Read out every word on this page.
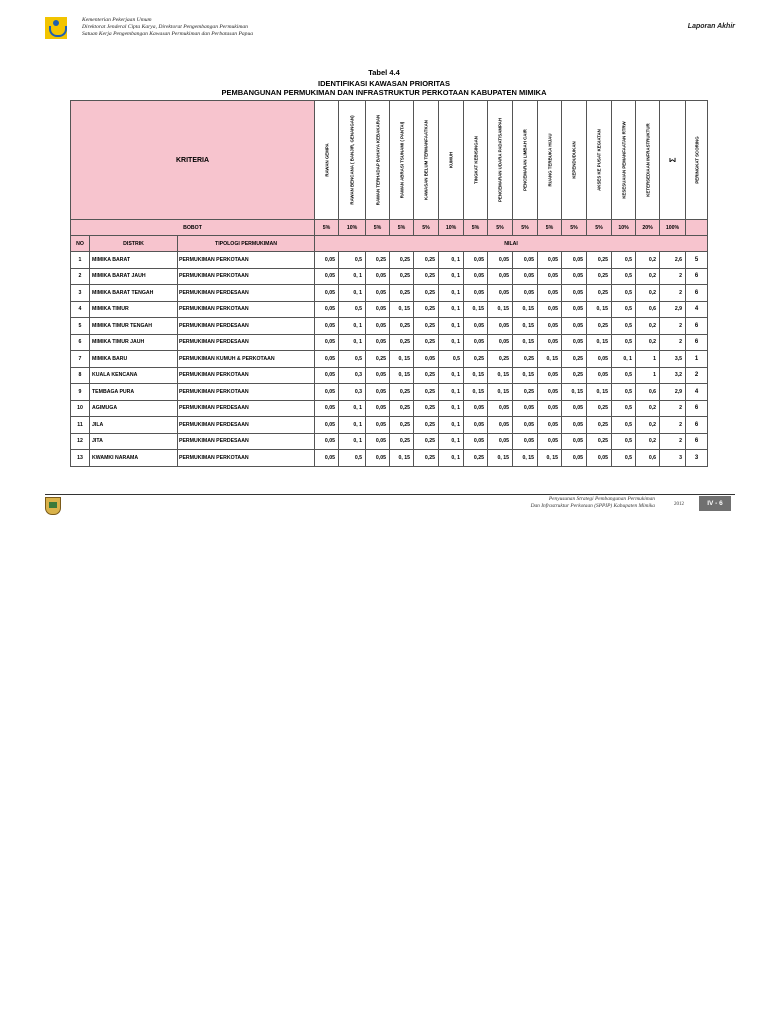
Kementerian Pekerjaan Umum
Direktorat Jenderal Cipta Karya, Direktorat Pengembangan Permukiman
Satuan Kerja Pengembangan Kawasan Permukiman dan Perbatasan Papua
Laporan Akhir
Tabel 4.4
IDENTIFIKASI KAWASAN PRIORITAS
PEMBANGUNAN PERMUKIMAN DAN INFRASTRUKTUR PERKOTAAN KABUPATEN MIMIKA
KRITERIA			RAWAN GEMPA	RAWAN BENCANA ( BANJIR, GENANGAN)	RAWAN TERHADAP BAHAYA KEBAKARAN	RAWAN ABRASI TSUNAMI ( PANTAI)	KAWASAN BELUM TERMANFAATKAN	KUMUH	TINGKAT KEBISINGAN	PENCEMARAN UDARA PADAT/SAMPAH	PENCEMARAN LIMBAH CAIR	RUANG TERBUKA HIJAU	KEPENDUDUKAN	AKSES KE PUSAT KEGIATAN	KESESUAIAN PEMANFAATAN RTRW	KETERSEDIAAN INFRASTRUKTUR	Σ	PERINGKAT SCORING

BOBOT			5%	10%	5%	5%	5%	10%	5%	5%	5%	5%	5%	5%	10%	20%	100%	
NO	DISTRIK	TIPOLOGI PERMUKIMAN	NILAI															
1	MIMIKA BARAT	PERMUKIMAN PERKOTAAN	0,05	0,5	0,25	0,25	0,25	0, 1	0,05	0,05	0,05	0,05	0,05	0,25	0,5	0,2	2,6	5
2	MIMIKA BARAT JAUH	PERMUKIMAN PERKOTAAN	0,05	0, 1	0,05	0,25	0,25	0, 1	0,05	0,05	0,05	0,05	0,05	0,25	0,5	0,2	2	6
3	MIMIKA BARAT TENGAH	PERMUKIMAN PERDESAAN	0,05	0, 1	0,05	0,25	0,25	0, 1	0,05	0,05	0,05	0,05	0,05	0,25	0,5	0,2	2	6
4	MIMIKA TIMUR	PERMUKIMAN PERKOTAAN	0,05	0,5	0,05	0, 15	0,25	0, 1	0, 15	0, 15	0, 15	0,05	0,05	0, 15	0,5	0,6	2,9	4
5	MIMIKA TIMUR TENGAH	PERMUKIMAN PERDESAAN	0,05	0, 1	0,05	0,25	0,25	0, 1	0,05	0,05	0, 15	0,05	0,05	0,25	0,5	0,2	2	6
6	MIMIKA TIMUR JAUH	PERMUKIMAN PERDESAAN	0,05	0, 1	0,05	0,25	0,25	0, 1	0,05	0,05	0, 15	0,05	0,05	0, 15	0,5	0,2	2	6
7	MIMIKA BARU	PERMUKIMAN KUMUH & PERKOTAAN	0,05	0,5	0,25	0, 15	0,05	0,5	0,25	0,25	0,25	0, 15	0,25	0,05	0, 1	1	3,5	1
8	KUALA KENCANA	PERMUKIMAN PERKOTAAN	0,05	0,3	0,05	0, 15	0,25	0, 1	0, 15	0, 15	0, 15	0,05	0,25	0,05	0,5	1	3,2	2
9	TEMBAGA PURA	PERMUKIMAN PERKOTAAN	0,05	0,3	0,05	0,25	0,25	0, 1	0, 15	0, 15	0,25	0,05	0, 15	0, 15	0,5	0,6	2,9	4
10	AGIMUGA	PERMUKIMAN PERDESAAN	0,05	0, 1	0,05	0,25	0,25	0, 1	0,05	0,05	0,05	0,05	0,05	0,25	0,5	0,2	2	6
11	JILA	PERMUKIMAN PERDESAAN	0,05	0, 1	0,05	0,25	0,25	0, 1	0,05	0,05	0,05	0,05	0,05	0,25	0,5	0,2	2	6
12	JITA	PERMUKIMAN PERDESAAN	0,05	0, 1	0,05	0,25	0,25	0, 1	0,05	0,05	0,05	0,05	0,05	0,25	0,5	0,2	2	6
13	KWAMKI NARAMA	PERMUKIMAN PERKOTAAN	0,05	0,5	0,05	0, 15	0,25	0, 1	0,25	0, 15	0, 15	0, 15	0,05	0,05	0,5	0,6	3	3
Penyusunan Strategi Pembangunan Permukiman
Dan Infrastruktur Perkotaan (SPPIP) Kabupaten Mimika	2012	IV - 6
